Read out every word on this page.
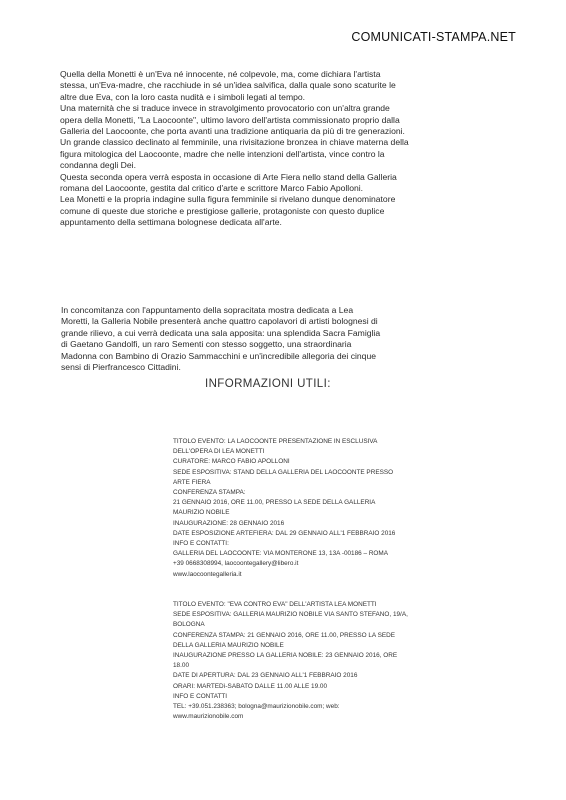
COMUNICATI-STAMPA.NET

Quella della Monetti è un'Eva né innocente, né colpevole, ma, come dichiara l'artista stessa, un'Eva-madre, che racchiude in sé un'idea salvifica, dalla quale sono scaturite le altre due Eva, con la loro casta nudità e i simboli legati al tempo.

Una maternità che si traduce invece in stravolgimento provocatorio con un'altra grande opera della Monetti, "La Laocoonte", ultimo lavoro dell'artista commissionato proprio dalla Galleria del Laocoonte, che porta avanti una tradizione antiquaria da più di tre generazioni. Un grande classico declinato al femminile, una rivisitazione bronzea in chiave materna della figura mitologica del Laocoonte, madre che nelle intenzioni dell'artista, vince contro la condanna degli Dei.

Questa seconda opera verrà esposta in occasione di Arte Fiera nello stand della Galleria romana del Laocoonte, gestita dal critico d'arte e scrittore Marco Fabio Apolloni.

Lea Monetti e la propria indagine sulla figura femminile si rivelano dunque denominatore comune di queste due storiche e prestigiose gallerie, protagoniste con questo duplice appuntamento della settimana bolognese dedicata all'arte.

In concomitanza con l'appuntamento della sopracitata mostra dedicata a Lea Moretti, la Galleria Nobile presenterà anche quattro capolavori di artisti bolognesi di grande rilievo, a cui verrà dedicata una sala apposita: una splendida Sacra Famiglia di Gaetano Gandolfi, un raro Sementi con stesso soggetto, una straordinaria Madonna con Bambino di Orazio Sammacchini e un'incredibile allegoria dei cinque sensi di Pierfrancesco Cittadini.

INFORMAZIONI UTILI:
TITOLO EVENTO: LA LAOCOONTE PRESENTAZIONE IN ESCLUSIVA DELL'OPERA DI LEA MONETTI
CURATORE: MARCO FABIO APOLLONI
SEDE ESPOSITIVA: STAND DELLA GALLERIA DEL LAOCOONTE PRESSO ARTE FIERA
CONFERENZA STAMPA:
21 GENNAIO 2016, ORE 11.00, PRESSO LA SEDE DELLA GALLERIA MAURIZIO NOBILE
INAUGURAZIONE: 28 GENNAIO 2016
DATE ESPOSIZIONE ARTEFIERA: DAL 29 GENNAIO ALL'1 FEBBRAIO 2016
INFO E CONTATTI:
GALLERIA DEL LAOCOONTE: VIA MONTERONE 13, 13A -00186 – ROMA
+39 0668308994, laocoontegallery@libero.it
www.laocoontegalleria.it
TITOLO EVENTO: "EVA CONTRO EVA" DELL'ARTISTA LEA MONETTI
SEDE ESPOSITIVA: GALLERIA MAURIZIO NOBILE VIA SANTO STEFANO, 19/A, BOLOGNA
CONFERENZA STAMPA: 21 GENNAIO 2016, ORE 11.00, PRESSO LA SEDE DELLA GALLERIA MAURIZIO NOBILE
INAUGURAZIONE PRESSO LA GALLERIA NOBILE: 23 GENNAIO 2016, ORE 18.00
DATE DI APERTURA: DAL 23 GENNAIO ALL'1 FEBBRAIO 2016
ORARI: MARTEDì-SABATO DALLE 11.00 ALLE 19.00
INFO E CONTATTI
TEL: +39.051.238363; bologna@maurizionobile.com; web: www.maurizionobile.com
